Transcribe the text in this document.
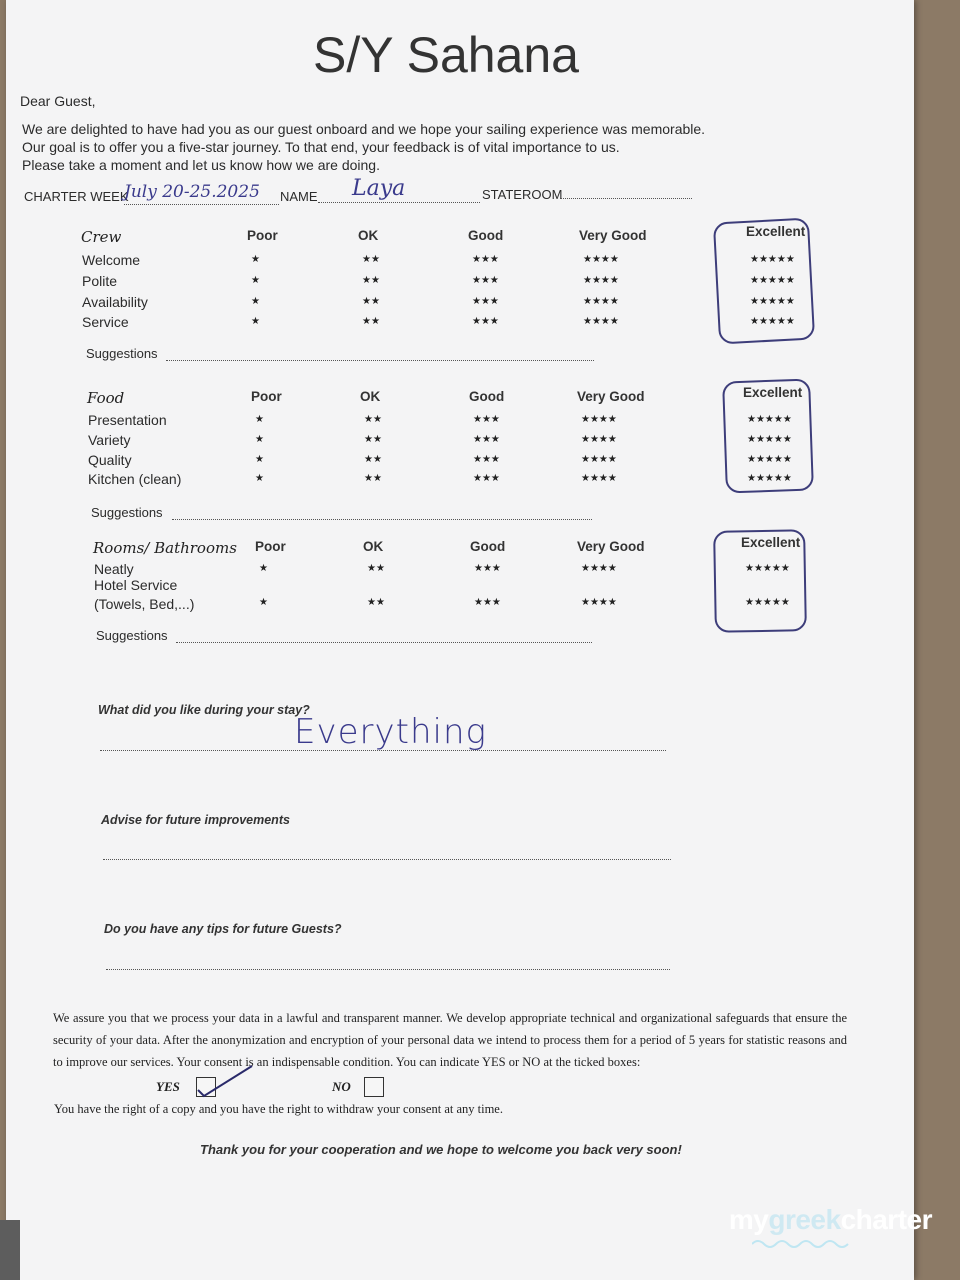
S/Y Sahana
Dear Guest,
We are delighted to have had you as our guest onboard and we hope your sailing experience was memorable.
Our goal is to offer you a five-star journey. To that end, your feedback is of vital importance to us.
Please take a moment and let us know how we are doing.
CHARTER WEEK
July 20-25.2025 NAME Laya	STATEROOM
Crew	Poor	OK	Good	Very Good	Excellent
Welcome	★	★★	★★★	★★★★	★★★★★
Polite	★	★★	★★★	★★★★	★★★★★
Availability	★	★★	★★★	★★★★	★★★★★
Service	★	★★	★★★	★★★★	★★★★★
Suggestions
Food	Poor	OK	Good	Very Good	Excellent
Presentation	★	★★	★★★	★★★★	★★★★★
Variety	★	★★	★★★	★★★★	★★★★★
Quality	★	★★	★★★	★★★★	★★★★★
Kitchen (clean)	★	★★	★★★	★★★★	★★★★★
Suggestions
Rooms/ Bathrooms Poor	OK	Good	Very Good	Excellent
Neatly	★	★★	★★★	★★★★	★★★★★
Hotel Service
(Towels, Bed,...)	★	★★	★★★	★★★★	★★★★★
Suggestions
What did you like during your stay?
Everything
Advise for future improvements
Do you have any tips for future Guests?
We assure you that we process your data in a lawful and transparent manner. We develop appropriate technical and organizational safeguards that ensure the security of your data. After the anonymization and encryption of your personal data we intend to process them for a period of 5 years for statistic reasons and to improve our services. Your consent is an indispensable condition. You can indicate YES or NO at the ticked boxes:
YES	NO
You have the right of a copy and you have the right to withdraw your consent at any time.
Thank you for your cooperation and we hope to welcome you back very soon!
mygreekcharter
